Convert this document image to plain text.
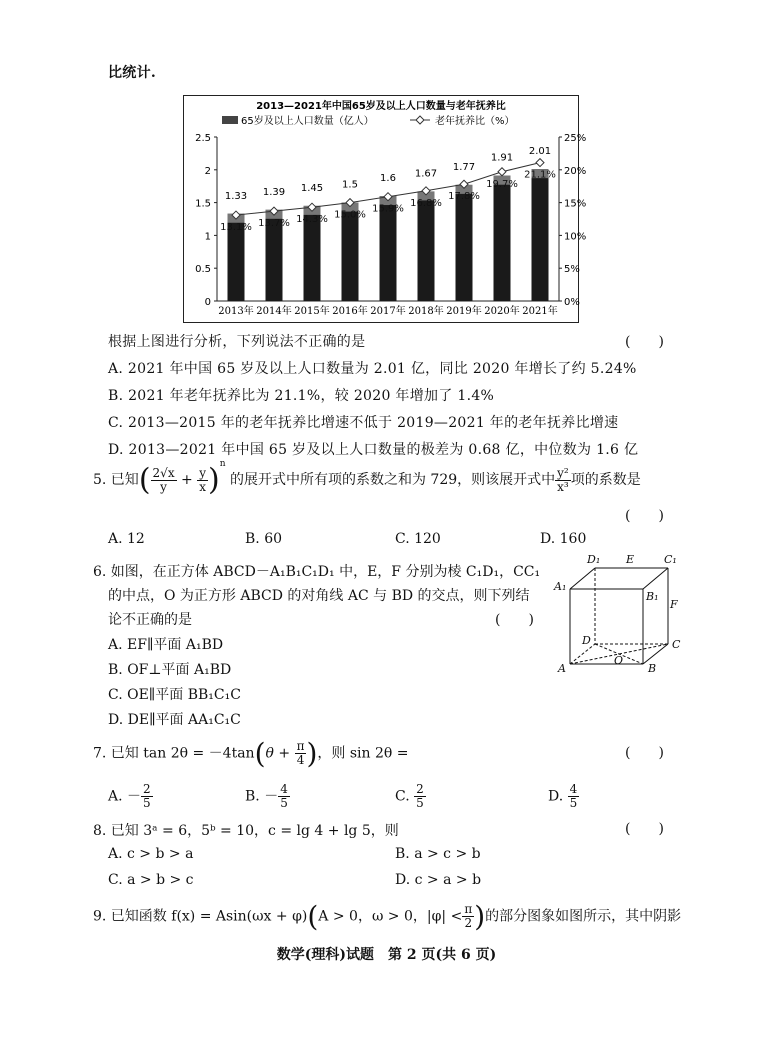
比统计.
2013—2021年中国65岁及以上人口数量与老年抚养比
65岁及以上人口数量（亿人）	老年抚养比（%）
0
0.5
1
1.5
2
2.5
0%
5%
10%
15%
20%
25%
1.33
2013年
1.39
2014年
1.45
2015年
1.5
2016年
1.6
2017年
1.67
2018年
1.77
2019年
1.91
2020年
2.01
2021年
13.1% 13.7% 14.3% 15.0%
15.9%
16.8%
17.8%
19.7%
21.1%
根据上图进行分析，下列说法不正确的是	(　　)
A. 2021 年中国 65 岁及以上人口数量为 2.01 亿，同比 2020 年增长了约 5.24%
B. 2021 年老年抚养比为 21.1%，较 2020 年增加了 1.4%
C. 2013—2015 年的老年抚养比增速不低于 2019—2021 年的老年抚养比增速
D. 2013—2021 年中国 65 岁及以上人口数量的极差为 0.68 亿，中位数为 1.6 亿
5. 已知( $\frac{2√x}{y} + \frac{y}{x} )^n$ 的展开式中所有项的系数之和为 729，则该展开式中 $\frac{\text{y²}}{\text{x³}}$ 项的系数是
(　　)
A. 12	B. 60	C. 120	D. 160
6. 如图，在正方体 ABCD－A₁B₁C₁D₁ 中，E，F 分别为棱 C₁D₁，CC₁
的中点，O 为正方形 ABCD 的对角线 AC 与 BD 的交点，则下列结
论不正确的是	(　　)
A. EF∥平面 A₁BD
B. OF⊥平面 A₁BD
C. OE∥平面 BB₁C₁C
D. DE∥平面 AA₁C₁C
D₁ E	C₁
A₁
B₁
F
D	C
A
O
B
7. 已知 $\tan 2\theta = -4\tan(\theta + \frac{\pi}{4}$ )，则 sin 2θ =	(　　)
A. － $\frac{2}{5}$	B. － $\frac{4}{5}$	C. $\frac{2}{5}$	D. $\frac{4}{5}$
8. 已知 3ᵃ = 6，5ᵇ = 10，c = lg 4 + lg 5，则	(　　)
A. c > b > a	B. a > c > b
C. a > b > c	D. c > a > b
9. 已知函数 f(x) = Asin(ωx + φ)(A > 0，ω > 0，$|\varphi| < \frac{\pi}{2}$ )的部分图象如图所示，其中阴影
数学(理科)试题　第 2 页(共 6 页)
